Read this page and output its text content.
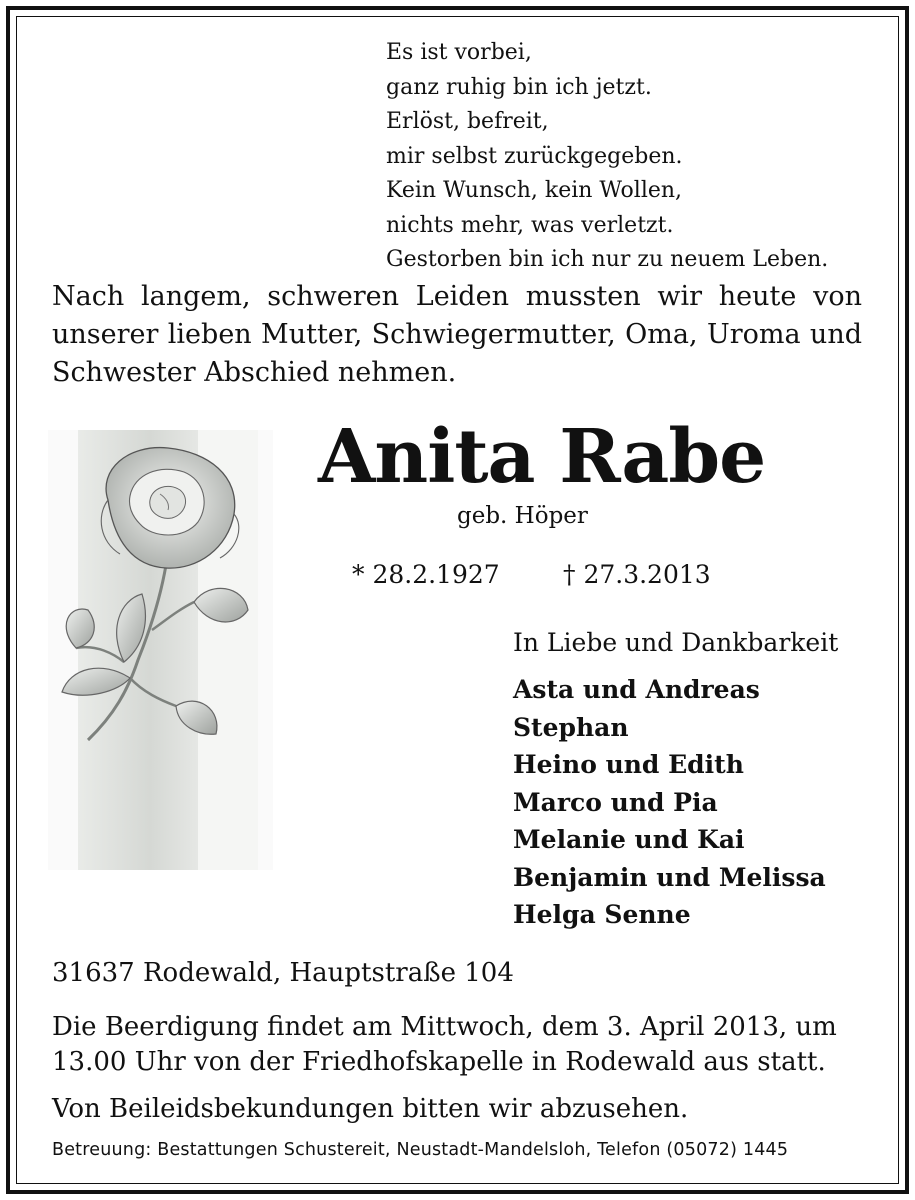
Es ist vorbei,
ganz ruhig bin ich jetzt.
Erlöst, befreit,
mir selbst zurückgegeben.
Kein Wunsch, kein Wollen,
nichts mehr, was verletzt.
Gestorben bin ich nur zu neuem Leben.

Nach langem, schweren Leiden mussten wir heute von unserer lieben Mutter, Schwiegermutter, Oma, Uroma und Schwester Abschied nehmen.

Anita Rabe
geb. Höper
* 28.2.1927	† 27.3.2013
In Liebe und Dankbarkeit
Asta und Andreas
Stephan
Heino und Edith
Marco und Pia
Melanie und Kai
Benjamin und Melissa
Helga Senne
31637 Rodewald, Hauptstraße 104

Die Beerdigung findet am Mittwoch, dem 3. April 2013, um 13.00 Uhr von der Friedhofskapelle in Rodewald aus statt.

Von Beileidsbekundungen bitten wir abzusehen.
Betreuung: Bestattungen Schustereit, Neustadt-Mandelsloh, Telefon (05072) 1445
